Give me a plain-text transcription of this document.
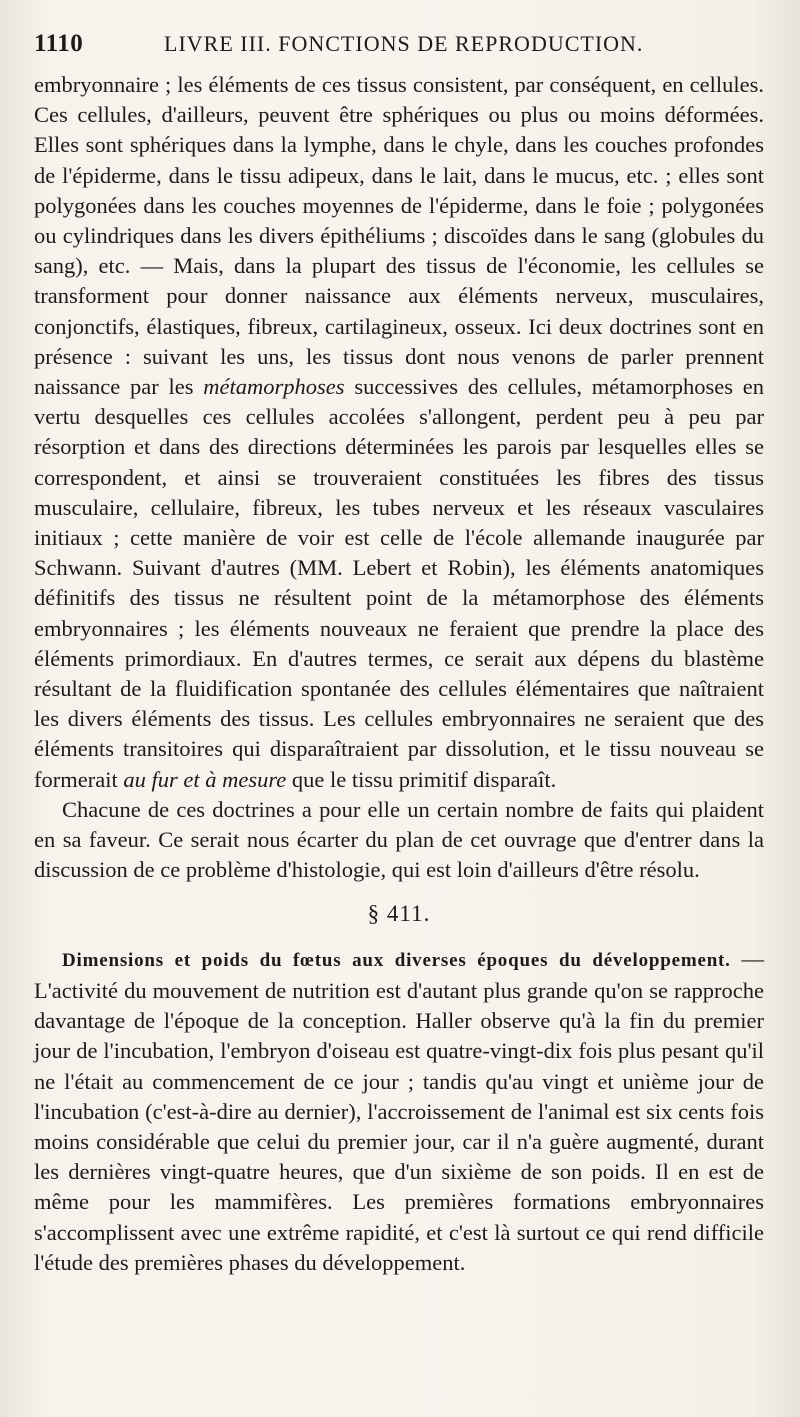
1110	LIVRE III. FONCTIONS DE REPRODUCTION.

embryonnaire ; les éléments de ces tissus consistent, par conséquent, en cellules. Ces cellules, d'ailleurs, peuvent être sphériques ou plus ou moins déformées. Elles sont sphériques dans la lymphe, dans le chyle, dans les couches profondes de l'épiderme, dans le tissu adipeux, dans le lait, dans le mucus, etc. ; elles sont polygonées dans les couches moyennes de l'épiderme, dans le foie ; polygonées ou cylindriques dans les divers épithéliums ; discoïdes dans le sang (globules du sang), etc. — Mais, dans la plupart des tissus de l'économie, les cellules se transforment pour donner naissance aux éléments nerveux, musculaires, conjonctifs, élastiques, fibreux, cartilagineux, osseux. Ici deux doctrines sont en présence : suivant les uns, les tissus dont nous venons de parler prennent naissance par les métamorphoses successives des cellules, métamorphoses en vertu desquelles ces cellules accolées s'allongent, perdent peu à peu par résorption et dans des directions déterminées les parois par lesquelles elles se correspondent, et ainsi se trouveraient constituées les fibres des tissus musculaire, cellulaire, fibreux, les tubes nerveux et les réseaux vasculaires initiaux ; cette manière de voir est celle de l'école allemande inaugurée par Schwann. Suivant d'autres (MM. Lebert et Robin), les éléments anatomiques définitifs des tissus ne résultent point de la métamorphose des éléments embryonnaires ; les éléments nouveaux ne feraient que prendre la place des éléments primordiaux. En d'autres termes, ce serait aux dépens du blastème résultant de la fluidification spontanée des cellules élémentaires que naîtraient les divers éléments des tissus. Les cellules embryonnaires ne seraient que des éléments transitoires qui disparaîtraient par dissolution, et le tissu nouveau se formerait au fur et à mesure que le tissu primitif disparaît.

Chacune de ces doctrines a pour elle un certain nombre de faits qui plaident en sa faveur. Ce serait nous écarter du plan de cet ouvrage que d'entrer dans la discussion de ce problème d'histologie, qui est loin d'ailleurs d'être résolu.

§ 411.

Dimensions et poids du fœtus aux diverses époques du développement. — L'activité du mouvement de nutrition est d'autant plus grande qu'on se rapproche davantage de l'époque de la conception. Haller observe qu'à la fin du premier jour de l'incubation, l'embryon d'oiseau est quatre-vingt-dix fois plus pesant qu'il ne l'était au commencement de ce jour ; tandis qu'au vingt et unième jour de l'incubation (c'est-à-dire au dernier), l'accroissement de l'animal est six cents fois moins considérable que celui du premier jour, car il n'a guère augmenté, durant les dernières vingt-quatre heures, que d'un sixième de son poids. Il en est de même pour les mammifères. Les premières formations embryonnaires s'accomplissent avec une extrême rapidité, et c'est là surtout ce qui rend difficile l'étude des premières phases du développement.
